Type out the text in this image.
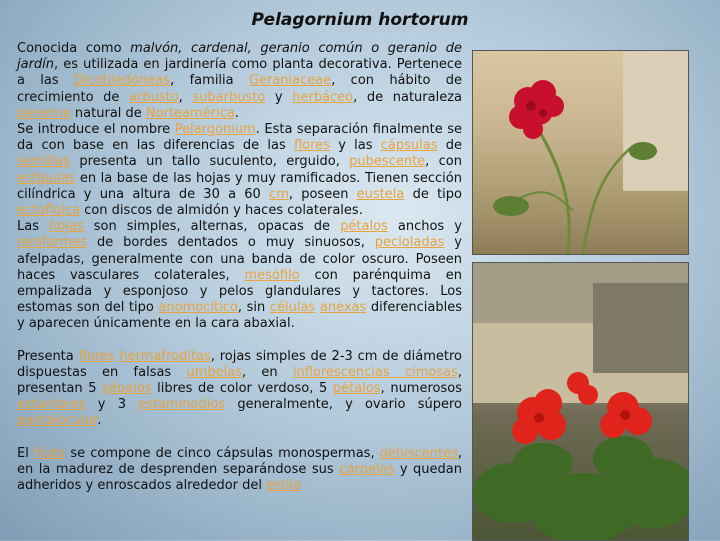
Pelagornium hortorum

Conocida como malvón, cardenal, geranio común o geranio de jardín, es utilizada en jardinería como planta decorativa. Pertenece a las Dicotiledóneas, familia Geraniaceae, con hábito de crecimiento de arbusto, subarbusto y herbáceo, de naturaleza perenne natural de Norteamérica.

Se introduce el nombre Pelargonium. Esta separación finalmente se da con base en las diferencias de las flores y las cápsulas de semillas presenta un tallo suculento, erguido, pubescente, con estípulas en la base de las hojas y muy ramificados. Tienen sección cilíndrica y una altura de 30 a 60 cm, poseen eustela de tipo ectofloica con discos de almidón y haces colaterales.

Las hojas son simples, alternas, opacas de pétalos anchos y reniformes de bordes dentados o muy sinuosos, pecioladas y afelpadas, generalmente con una banda de color oscuro. Poseen haces vasculares colaterales, mesófilo con parénquima en empalizada y esponjoso y pelos glandulares y tactores. Los estomas son del tipo anomocítico, sin células anexas diferenciables y aparecen únicamente en la cara abaxial.

Presenta flores hermafroditas, rojas simples de 2-3 cm de diámetro dispuestas en falsas umbelas, en inflorescencias cimosas, presentan 5 sépalos libres de color verdoso, 5 pétalos, numerosos estambres y 3 estaminodios generalmente, y ovario súpero pentalocular.

El fruto se compone de cinco cápsulas monospermas, dehiscentes, en la madurez de desprenden separándose sus carpelos y quedan adheridos y enroscados alrededor del estilo
